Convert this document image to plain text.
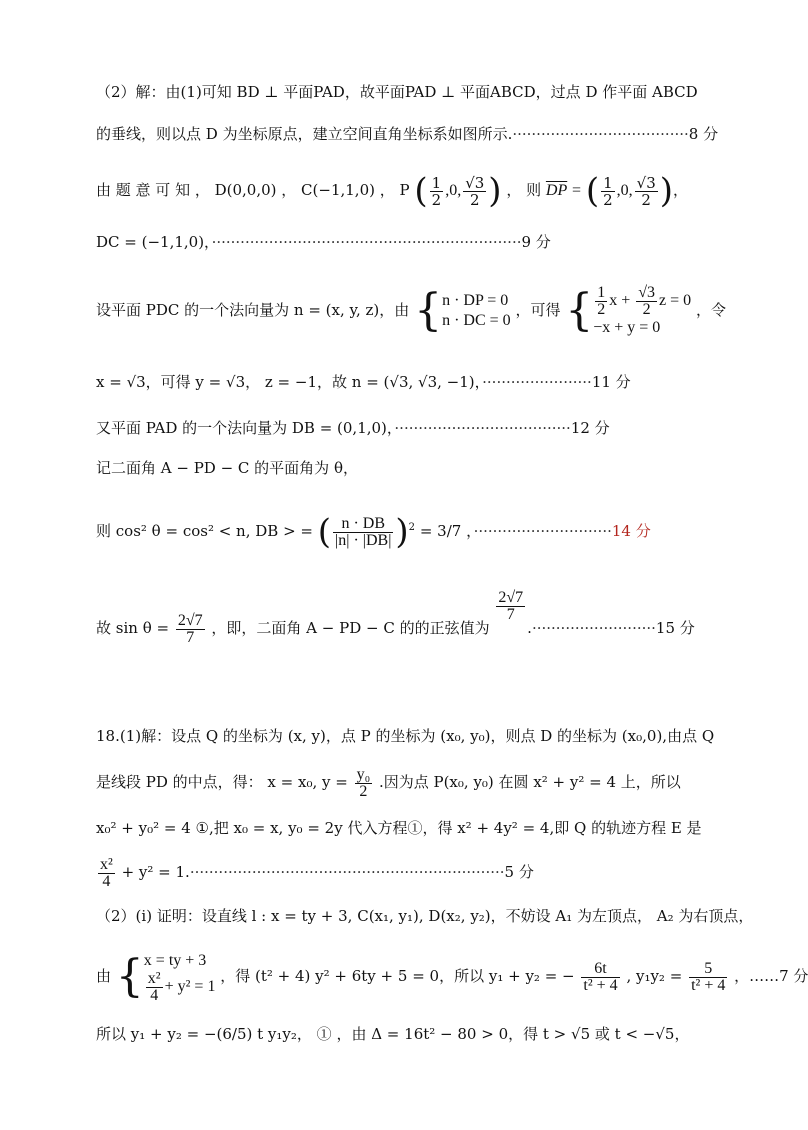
（2）解：由(1)可知 BD ⊥ 平面PAD，故平面PAD ⊥ 平面ABCD，过点 D 作平面 ABCD
的垂线，则以点 D 为坐标原点，建立空间直角坐标系如图所示.·····································8 分
由 题 意 可 知 ， D(0,0,0) ， C(−1,1,0) ， P ( $\frac{1}{2} ,0$, $\frac{√3}{2}$ ) ， 则 $\overline{DP}$ = ( $\frac{1}{2} ,0$, $\frac{√3}{2}$ )，
DC = (−1,1,0)，·································································9 分
设平面 PDC 的一个法向量为 n = (x, y, z)，由 { n · DP = 0
n · DC = 0
，可得 { $\frac{1}{2}$ $x + \frac{√3}{2}$ z = 0
−x + y = 0
，令
x = √3，可得 y = √3， z = −1，故 n = (√3, √3, −1)，·······················11 分
又平面 PAD 的一个法向量为 DB = (0,1,0)，·····································12 分
记二面角 A − PD − C 的平面角为 θ，
则 cos² θ = cos² < n, DB > = ( $\frac{n \cdot DB}{|n| \cdot |DB|} )^2 = 3/7$ ，·····························14 分
故 $\sin \theta = \frac{2√7}{7}$ ，即，二面角 A − PD − C 的的正弦值为
$\frac{2√7}{7}$
.··························15 分
18.(1)解：设点 Q 的坐标为 (x, y)，点 P 的坐标为 (x₀, y₀)，则点 D 的坐标为 (x₀,0),由点 Q
是线段 PD 的中点，得： x = x₀, $y = \frac{\text{y₀}}{2}$ .因为点 P(x₀, y₀) 在圆 x² + y² = 4 上，所以
x₀² + y₀² = 4 ①,把 x₀ = x, y₀ = 2y 代入方程①，得 x² + 4y² = 4,即 Q 的轨迹方程 E 是
$\frac{\text{x²}}{4} + y^2 = 1.\cdot\cdot\cdot\cdot\cdot\cdot\cdot\cdot\cdot\cdot\cdot\cdot\cdot\cdot\cdot\cdot\cdot\cdot\cdot\cdot\cdot\cdot\cdot\cdot\cdot\cdot\cdot\cdot\cdot\cdot\cdot\cdot\cdot\cdot\cdot\cdot\cdot\cdot\cdot\cdot\cdot\cdot\cdot\cdot\cdot\cdot\cdot\cdot\cdot\cdot\cdot\cdot\cdot\cdot\cdot\cdot\cdot\cdot\cdot\cdot\cdot\cdot\cdot\cdot\cdot\cdot 5$ 分
（2）(i) 证明：设直线 l : x = ty + 3, C(x₁, y₁), D(x₂, y₂)，不妨设 A₁ 为左顶点， A₂ 为右顶点，
由 { x = ty + 3
$\frac{\text{x²}}{4} + y^2 = 1$
，得 (t² + 4) y² + 6ty + 5 = 0，所以 y₁ + y₂ = − $\frac{6t}{\text{t² + 4}}$ , $y_1y_2 = \frac{5}{\text{t² + 4}}$ ，……7 分
所以 y₁ + y₂ = −(6/5) t y₁y₂， ① ，由 Δ = 16t² − 80 > 0，得 t > √5 或 t < −√5，
